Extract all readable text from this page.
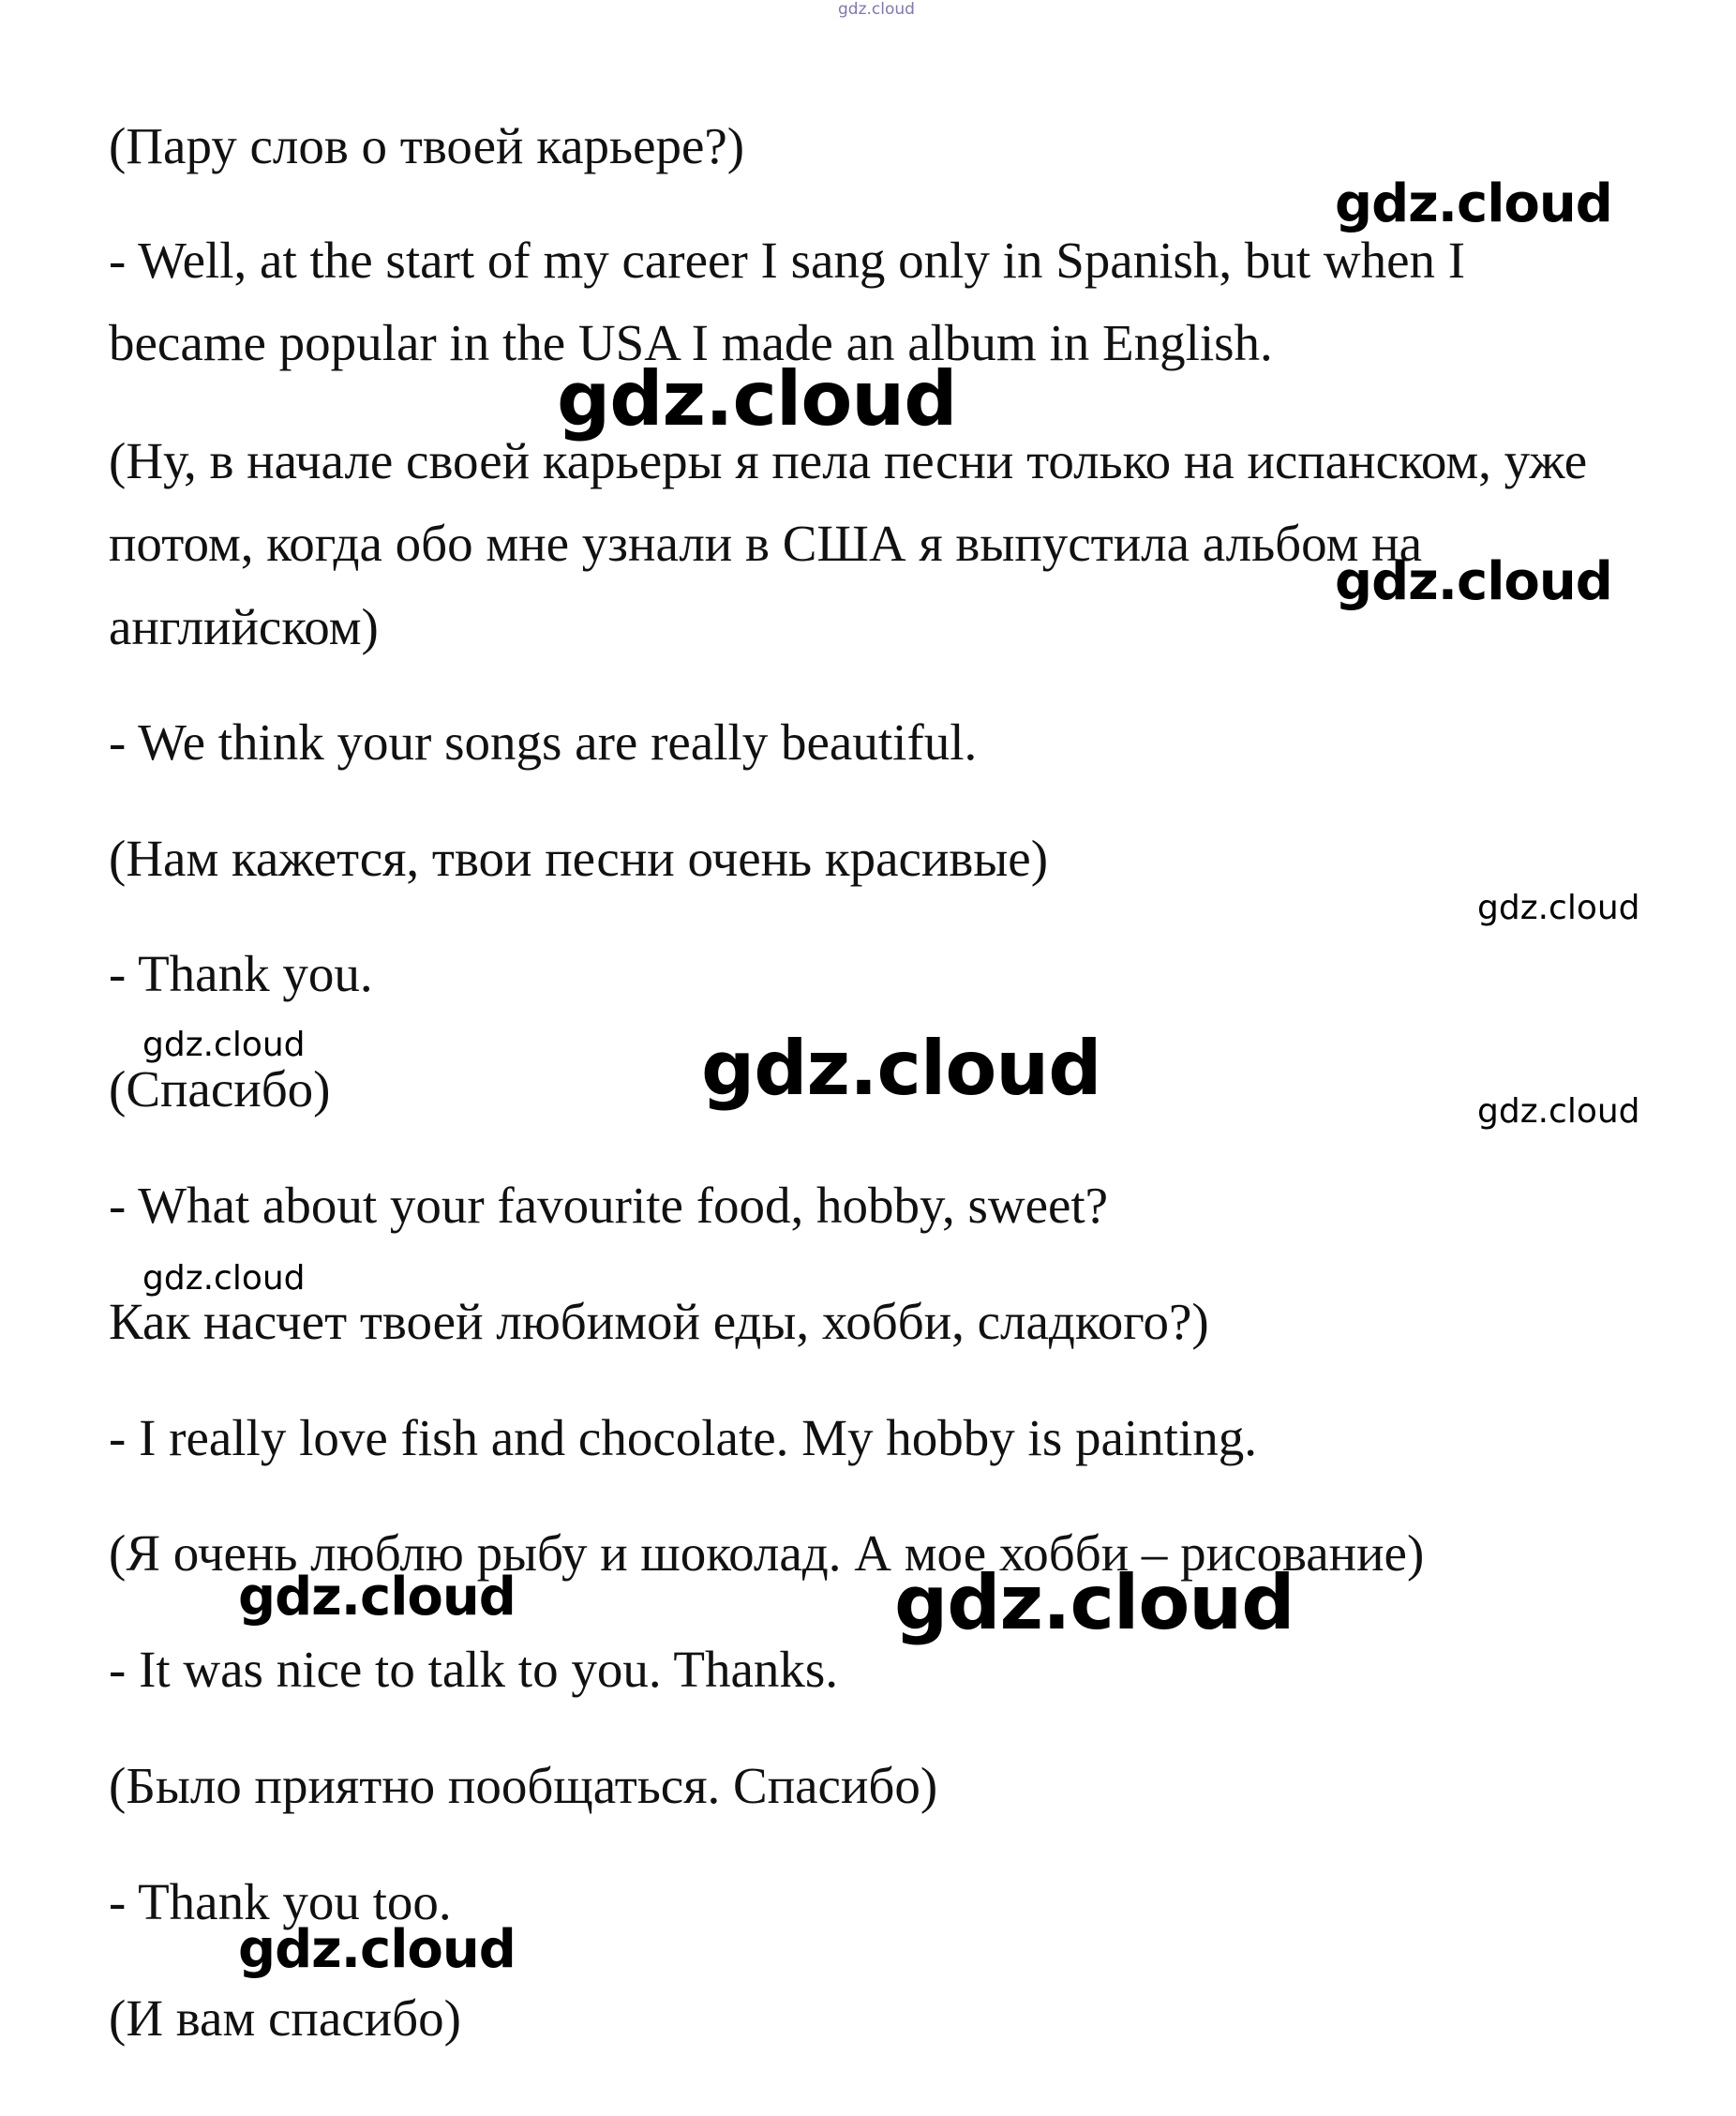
gdz.cloud

(Пару слов о твоей карьере?)

- Well, at the start of my career I sang only in Spanish, but when I

became popular in the USA I made an album in English.

(Ну, в начале своей карьеры я пела песни только на испанском, уже

потом, когда обо мне узнали в США я выпустила альбом на

английском)

- We think your songs are really beautiful.

(Нам кажется, твои песни очень красивые)

- Thank you.

(Спасибо)

- What about your favourite food, hobby, sweet?

Как насчет твоей любимой еды, хобби, сладкого?)

- I really love fish and chocolate. My hobby is painting.

(Я очень люблю рыбу и шоколад. А мое хобби – рисование)

- It was nice to talk to you. Thanks.

(Было приятно пообщаться. Спасибо)

- Thank you too.

(И вам спасибо)

gdz.cloud
gdz.cloud
gdz.cloud
gdz.cloud
gdz.cloud	gdz.cloud	gdz.cloud
gdz.cloud
gdz.cloud	gdz.cloud
gdz.cloud
